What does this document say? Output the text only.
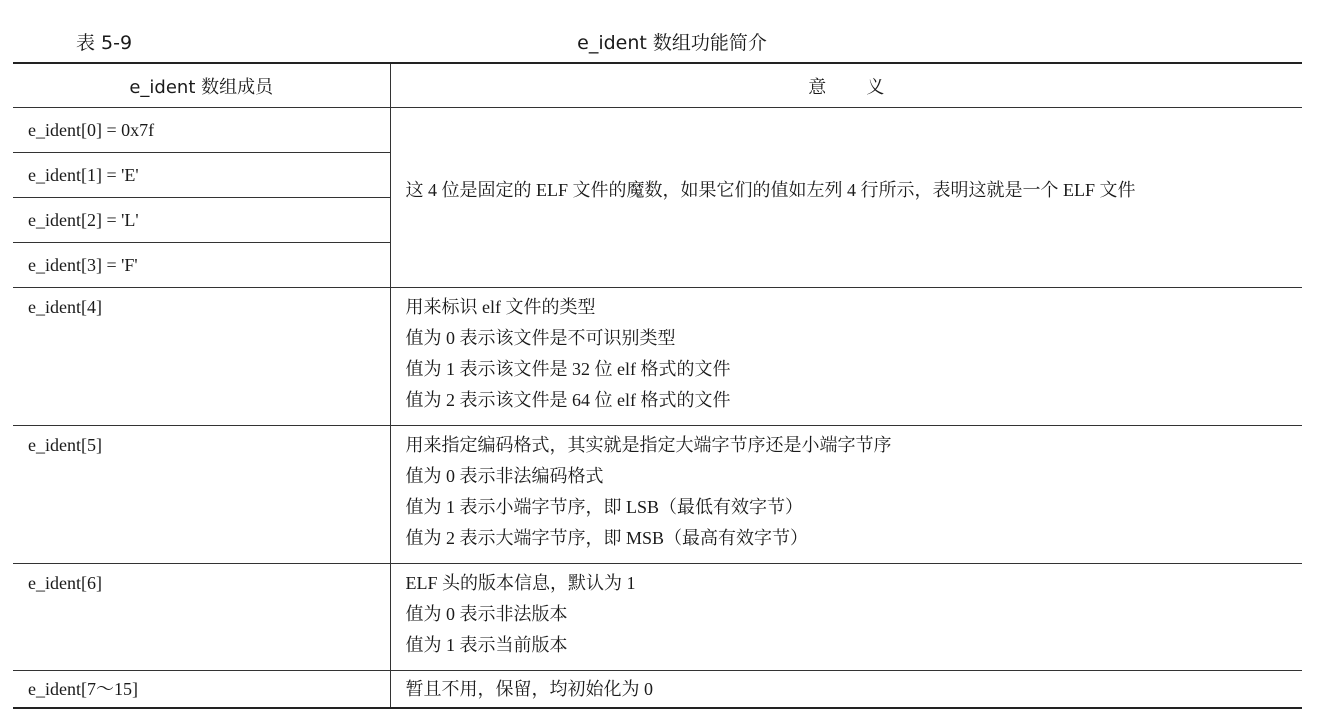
表 5-9	e_ident 数组功能简介
e_ident 数组成员	意 义
e_ident[0] = 0x7f	这 4 位是固定的 ELF 文件的魔数，如果它们的值如左列 4 行所示，表明这就是一个 ELF 文件

e_ident[1] = 'E'	
e_ident[2] = 'L'	
e_ident[3] = 'F'	
e_ident[4]	用来标识 elf 文件的类型
值为 0 表示该文件是不可识别类型
值为 1 表示该文件是 32 位 elf 格式的文件
值为 2 表示该文件是 64 位 elf 格式的文件

e_ident[5]	用来指定编码格式，其实就是指定大端字节序还是小端字节序
值为 0 表示非法编码格式
值为 1 表示小端字节序，即 LSB（最低有效字节）
值为 2 表示大端字节序，即 MSB（最高有效字节）

e_ident[6]	ELF 头的版本信息，默认为 1
值为 0 表示非法版本
值为 1 表示当前版本

e_ident[7～15]	暂且不用，保留，均初始化为 0
